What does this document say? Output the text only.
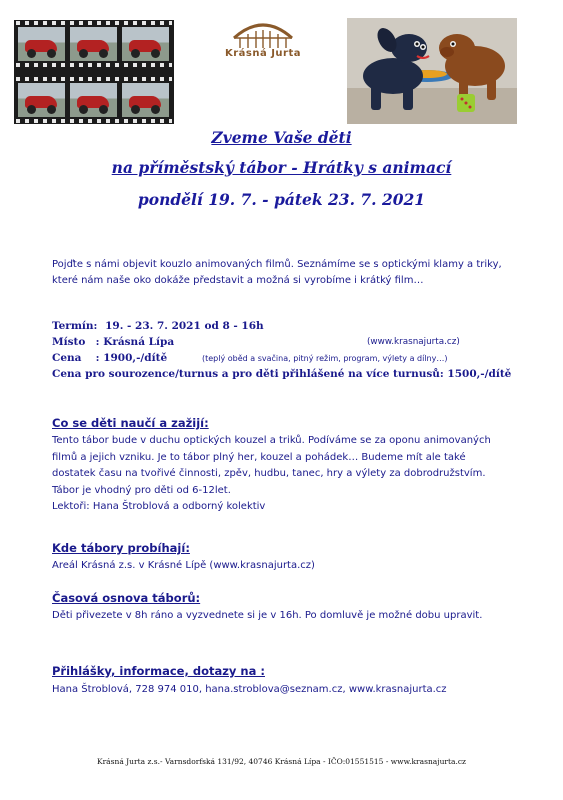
Krásná Jurta
Zveme Vaše děti
na příměstský tábor - Hrátky s animací
pondělí 19. 7. - pátek 23. 7. 2021
Pojďte s námi objevit kouzlo animovaných filmů. Seznámíme se s optickými klamy a triky, které nám naše oko dokáže představit a možná si vyrobíme i krátký film…
Termín: 19. - 23. 7. 2021 od 8 - 16h
Místo : Krásná Lípa	(www.krasnajurta.cz)
Cena : 1900,-/dítě	(teplý oběd a svačina, pitný režim, program, výlety a dílny…)
Cena pro sourozence/turnus a pro děti přihlášené na více turnusů: 1500,-/dítě
Co se děti naučí a zažijí:
Tento tábor bude v duchu optických kouzel a triků. Podíváme se za oponu animovaných
filmů a jejich vzniku. Je to tábor plný her, kouzel a pohádek… Budeme mít ale také
dostatek času na tvořivé činnosti, zpěv, hudbu, tanec, hry a výlety za dobrodružstvím.
Tábor je vhodný pro děti od 6-12let.
Lektoři: Hana Štroblová a odborný kolektiv
Kde tábory probíhají:
Areál Krásná z.s. v Krásné Lípě (www.krasnajurta.cz)
Časová osnova táborů:
Děti přivezete v 8h ráno a vyzvednete si je v 16h. Po domluvě je možné dobu upravit.
Přihlášky, informace, dotazy na :
Hana Štroblová, 728 974 010, hana.stroblova@seznam.cz, www.krasnajurta.cz
Krásná Jurta z.s.- Varnsdorfská 131/92, 40746 Krásná Lípa - IČO:01551515 - www.krasnajurta.cz
